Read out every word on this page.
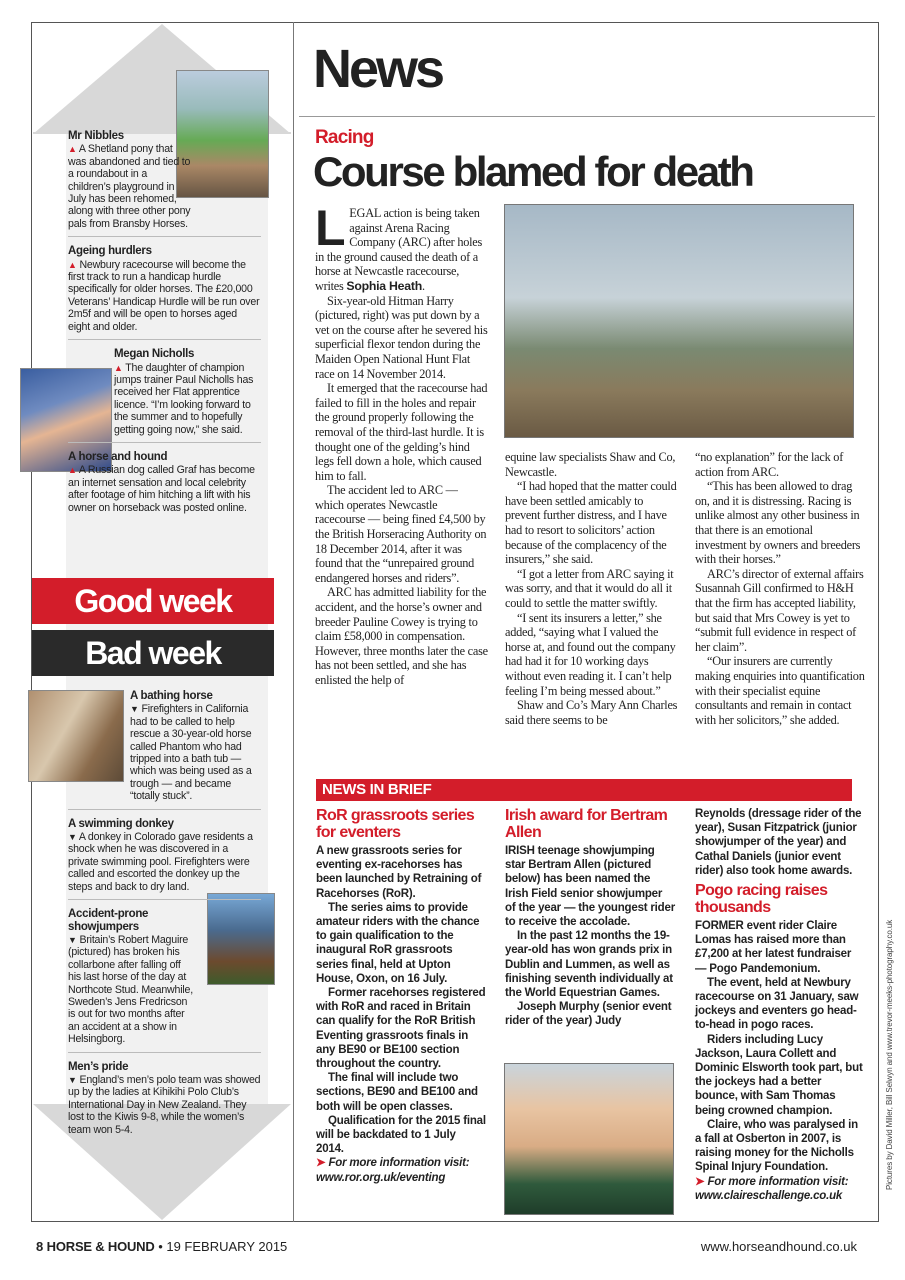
Mr Nibbles
▲ A Shetland pony that was abandoned and tied to a roundabout in a children’s playground in July has been rehomed, along with three other pony pals from Bransby Horses.
Ageing hurdlers
▲ Newbury racecourse will become the first track to run a handicap hurdle specifically for older horses. The £20,000 Veterans’ Handicap Hurdle will be run over 2m5f and will be open to horses aged eight and older.
Megan Nicholls
▲ The daughter of champion jumps trainer Paul Nicholls has received her Flat apprentice licence. “I’m looking forward to the summer and to hopefully getting going now,” she said.
A horse and hound
▲ A Russian dog called Graf has become an internet sensation and local celebrity after footage of him hitching a lift with his owner on horseback was posted online.
Good week
Bad week
A bathing horse
▼ Firefighters in California had to be called to help rescue a 30-year-old horse called Phantom who had tripped into a bath tub — which was being used as a trough — and became “totally stuck”.
A swimming donkey
▼ A donkey in Colorado gave residents a shock when he was discovered in a private swimming pool. Firefighters were called and escorted the donkey up the steps and back to dry land.
Accident-prone showjumpers
▼ Britain’s Robert Maguire (pictured) has broken his collarbone after falling off his last horse of the day at Northcote Stud. Meanwhile, Sweden’s Jens Fredricson is out for two months after an accident at a show in Helsingborg.
Men’s pride
▼ England’s men’s polo team was showed up by the ladies at Kihikihi Polo Club’s International Day in New Zealand. They lost to the Kiwis 9-8, while the women’s team won 5-4.
News
Racing
Course blamed for death

LEGAL action is being taken against Arena Racing Company (ARC) after holes in the ground caused the death of a horse at Newcastle racecourse, writes Sophia Heath.

Six-year-old Hitman Harry (pictured, right) was put down by a vet on the course after he severed his superficial flexor tendon during the Maiden Open National Hunt Flat race on 14 November 2014.

It emerged that the racecourse had failed to fill in the holes and repair the ground properly following the removal of the third-last hurdle. It is thought one of the gelding’s hind legs fell down a hole, which caused him to fall.

The accident led to ARC — which operates Newcastle racecourse — being fined £4,500 by the British Horseracing Authority on 18 December 2014, after it was found that the “unrepaired ground endangered horses and riders”.

ARC has admitted liability for the accident, and the horse’s owner and breeder Pauline Cowey is trying to claim £58,000 in compensation. However, three months later the case has not been settled, and she has enlisted the help of

equine law specialists Shaw and Co, Newcastle.

“I had hoped that the matter could have been settled amicably to prevent further distress, and I have had to resort to solicitors’ action because of the complacency of the insurers,” she said.

“I got a letter from ARC saying it was sorry, and that it would do all it could to settle the matter swiftly.

“I sent its insurers a letter,” she added, “saying what I valued the horse at, and found out the company had had it for 10 working days without even reading it. I can’t help feeling I’m being messed about.”

Shaw and Co’s Mary Ann Charles said there seems to be

“no explanation” for the lack of action from ARC.

“This has been allowed to drag on, and it is distressing. Racing is unlike almost any other business in that there is an emotional investment by owners and breeders with their horses.”

ARC’s director of external affairs Susannah Gill confirmed to H&H that the firm has accepted liability, but said that Mrs Cowey is yet to “submit full evidence in respect of her claim”.

“Our insurers are currently making enquiries into quantification with their specialist equine consultants and remain in contact with her solicitors,” she added.

NEWS IN BRIEF
RoR grassroots series for eventers

A new grassroots series for eventing ex-racehorses has been launched by Retraining of Racehorses (RoR).

The series aims to provide amateur riders with the chance to gain qualification to the inaugural RoR grassroots series final, held at Upton House, Oxon, on 16 July.

Former racehorses registered with RoR and raced in Britain can qualify for the RoR British Eventing grassroots finals in any BE90 or BE100 section throughout the country.

The final will include two sections, BE90 and BE100 and both will be open classes.

Qualification for the 2015 final will be backdated to 1 July 2014.

➤ For more information visit: www.ror.org.uk/eventing

Irish award for Bertram Allen

IRISH teenage showjumping star Bertram Allen (pictured below) has been named the Irish Field senior showjumper of the year — the youngest rider to receive the accolade.

In the past 12 months the 19-year-old has won grands prix in Dublin and Lummen, as well as finishing seventh individually at the World Equestrian Games.

Joseph Murphy (senior event rider of the year) Judy

Reynolds (dressage rider of the year), Susan Fitzpatrick (junior showjumper of the year) and Cathal Daniels (junior event rider) also took home awards.

Pogo racing raises thousands

FORMER event rider Claire Lomas has raised more than £7,200 at her latest fundraiser — Pogo Pandemonium.

The event, held at Newbury racecourse on 31 January, saw jockeys and eventers go head-to-head in pogo races.

Riders including Lucy Jackson, Laura Collett and Dominic Elsworth took part, but the jockeys had a better bounce, with Sam Thomas being crowned champion.

Claire, who was paralysed in a fall at Osberton in 2007, is raising money for the Nicholls Spinal Injury Foundation.

➤ For more information visit: www.claireschallenge.co.uk

Pictures by David Miller, Bill Selwyn and www.trevor-meeks-photography.co.uk
8 HORSE & HOUND • 19 FEBRUARY 2015	www.horseandhound.co.uk
